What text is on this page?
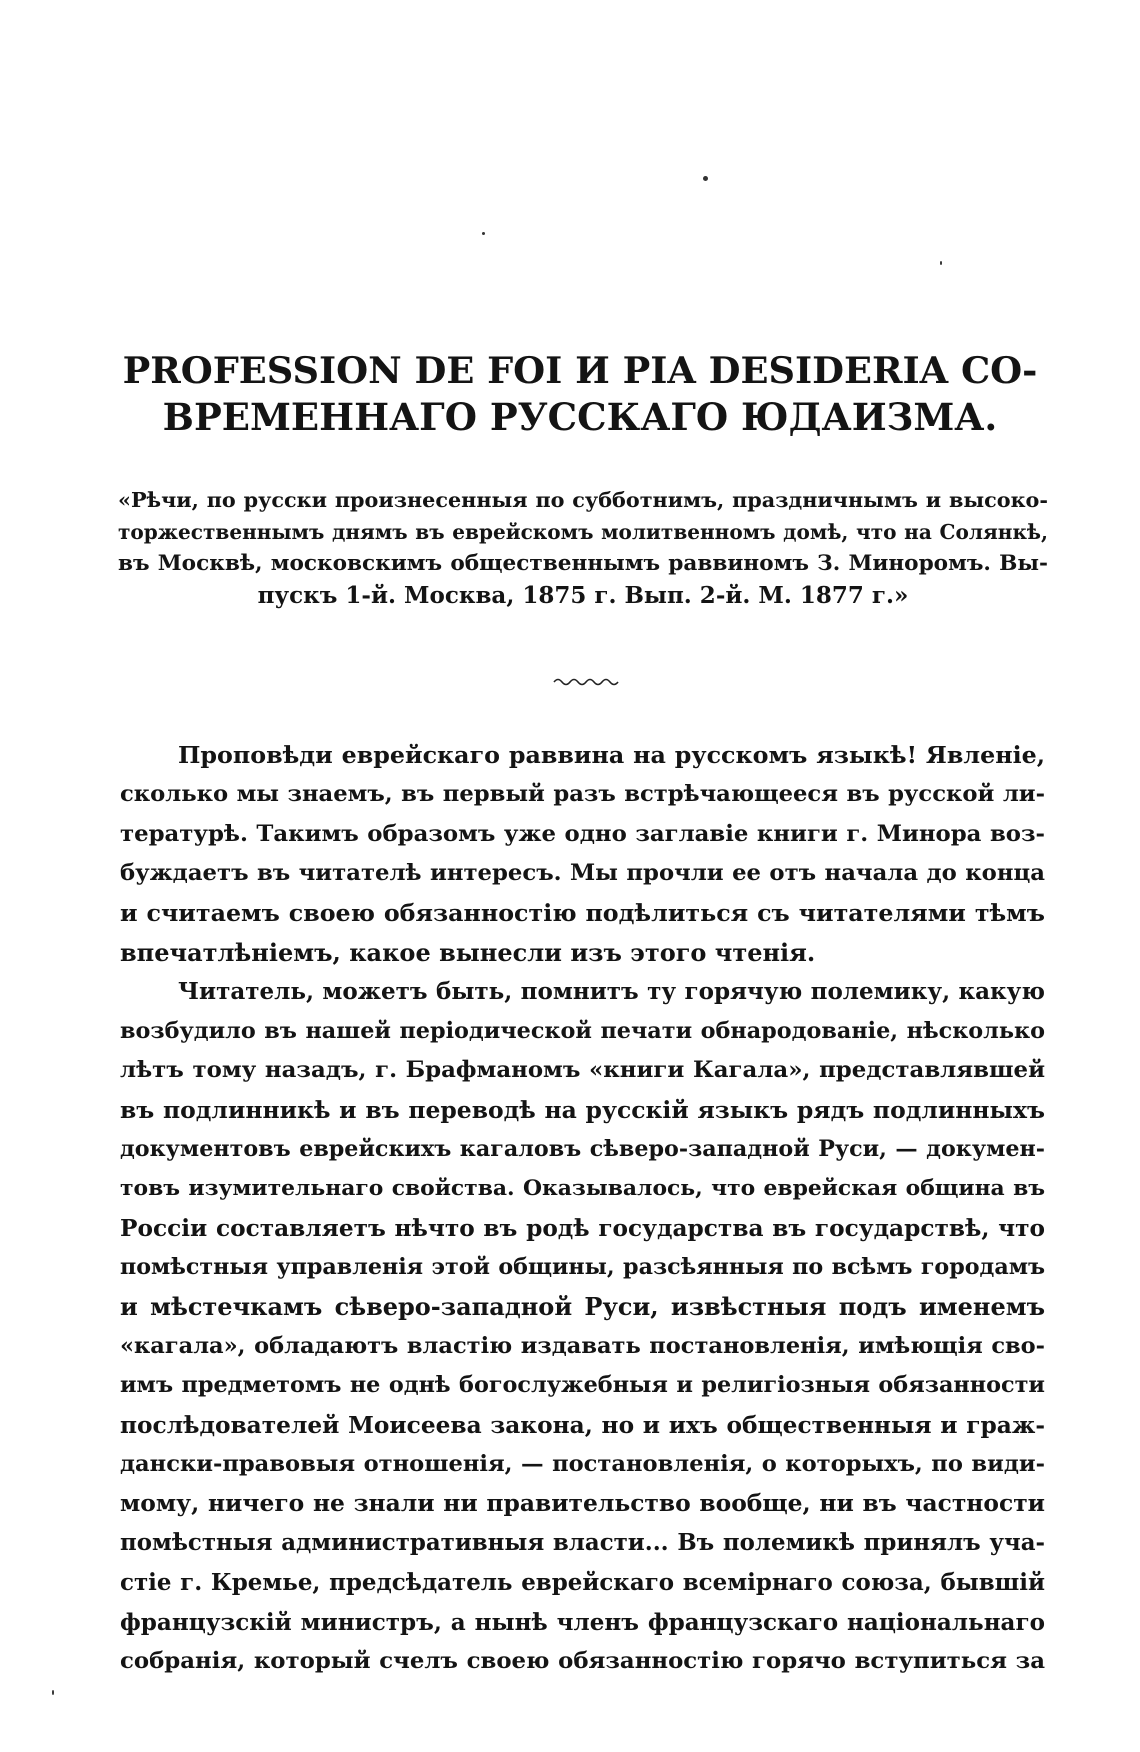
PROFESSION DE FOI И PIA DESIDERIA СО-
ВРЕМЕННАГО РУССКАГО ЮДАИЗМА.
«Рѣчи, по русски произнесенныя по субботнимъ, праздничнымъ и высоко-
торжественнымъ днямъ въ еврейскомъ молитвенномъ домѣ, что на Солянкѣ,
въ Москвѣ, московскимъ общественнымъ раввиномъ З. Миноромъ. Вы-
пускъ 1-й. Москва, 1875 г. Вып. 2-й. М. 1877 г.»
Проповѣди еврейскаго раввина на русскомъ языкѣ! Явленіе,
сколько мы знаемъ, въ первый разъ встрѣчающееся въ русской ли-
тературѣ. Такимъ образомъ уже одно заглавіе книги г. Минора воз-
буждаетъ въ читателѣ интересъ. Мы прочли ее отъ начала до конца
и считаемъ своею обязанностію подѣлиться съ читателями тѣмъ
впечатлѣніемъ, какое вынесли изъ этого чтенія.
Читатель, можетъ быть, помнитъ ту горячую полемику, какую
возбудило въ нашей періодической печати обнародованіе, нѣсколько
лѣтъ тому назадъ, г. Брафманомъ «книги Кагала», представлявшей
въ подлинникѣ и въ переводѣ на русскій языкъ рядъ подлинныхъ
документовъ еврейскихъ кагаловъ сѣверо-западной Руси, — докумен-
товъ изумительнаго свойства. Оказывалось, что еврейская община въ
Россіи составляетъ нѣчто въ родѣ государства въ государствѣ, что
помѣстныя управленія этой общины, разсѣянныя по всѣмъ городамъ
и мѣстечкамъ сѣверо-западной Руси, извѣстныя подъ именемъ
«кагала», обладаютъ властію издавать постановленія, имѣющія сво-
имъ предметомъ не однѣ богослужебныя и религіозныя обязанности
послѣдователей Моисеева закона, но и ихъ общественныя и граж-
дански-правовыя отношенія, — постановленія, о которыхъ, по види-
мому, ничего не знали ни правительство вообще, ни въ частности
помѣстныя административныя власти... Въ полемикѣ принялъ уча-
стіе г. Кремье, предсѣдатель еврейскаго всемірнаго союза, бывшій
французскій министръ, а нынѣ членъ французскаго національнаго
собранія, который счелъ своею обязанностію горячо вступиться за
